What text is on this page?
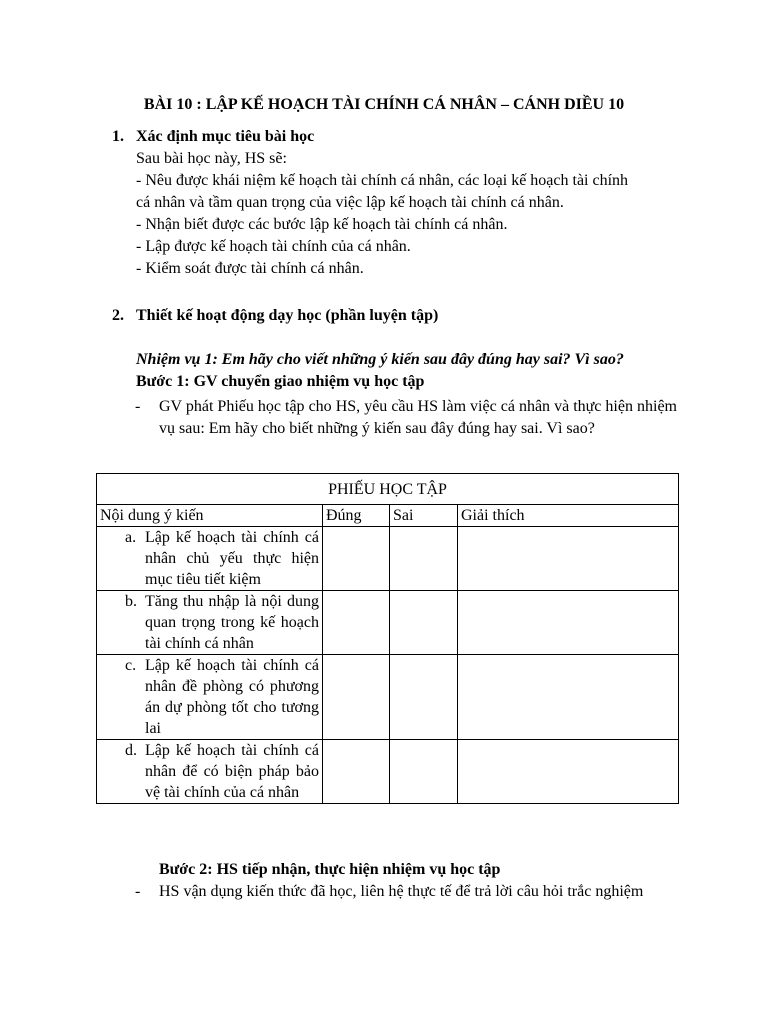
BÀI 10 : LẬP KẾ HOẠCH TÀI CHÍNH CÁ NHÂN – CÁNH DIỀU 10
1. Xác định mục tiêu bài học
Sau bài học này, HS sẽ:
- Nêu được khái niệm kế hoạch tài chính cá nhân, các loại kế hoạch tài chính
cá nhân và tầm quan trọng của việc lập kế hoạch tài chính cá nhân.
- Nhận biết được các bước lập kế hoạch tài chính cá nhân.
- Lập được kế hoạch tài chính của cá nhân.
- Kiểm soát được tài chính cá nhân.
2. Thiết kế hoạt động dạy học (phần luyện tập)
Nhiệm vụ 1: Em hãy cho viết những ý kiến sau đây đúng hay sai? Vì sao?
Bước 1: GV chuyển giao nhiệm vụ học tập
- GV phát Phiếu học tập cho HS, yêu cầu HS làm việc cá nhân và thực hiện nhiệm vụ sau: Em hãy cho biết những ý kiến sau đây đúng hay sai. Vì sao?
PHIẾU HỌC TẬP			
Nội dung ý kiến	Đúng	Sai	Giải thích

a. Lập kế hoạch tài chính cá nhân chủ yếu thực hiện mục tiêu tiết kiệm			

b. Tăng thu nhập là nội dung quan trọng trong kế hoạch tài chính cá nhân			

c. Lập kế hoạch tài chính cá nhân đề phòng có phương án dự phòng tốt cho tương lai			

d. Lập kế hoạch tài chính cá nhân để có biện pháp bảo vệ tài chính của cá nhân			

Bước 2: HS tiếp nhận, thực hiện nhiệm vụ học tập
- HS vận dụng kiến thức đã học, liên hệ thực tế để trả lời câu hỏi trắc nghiệm
